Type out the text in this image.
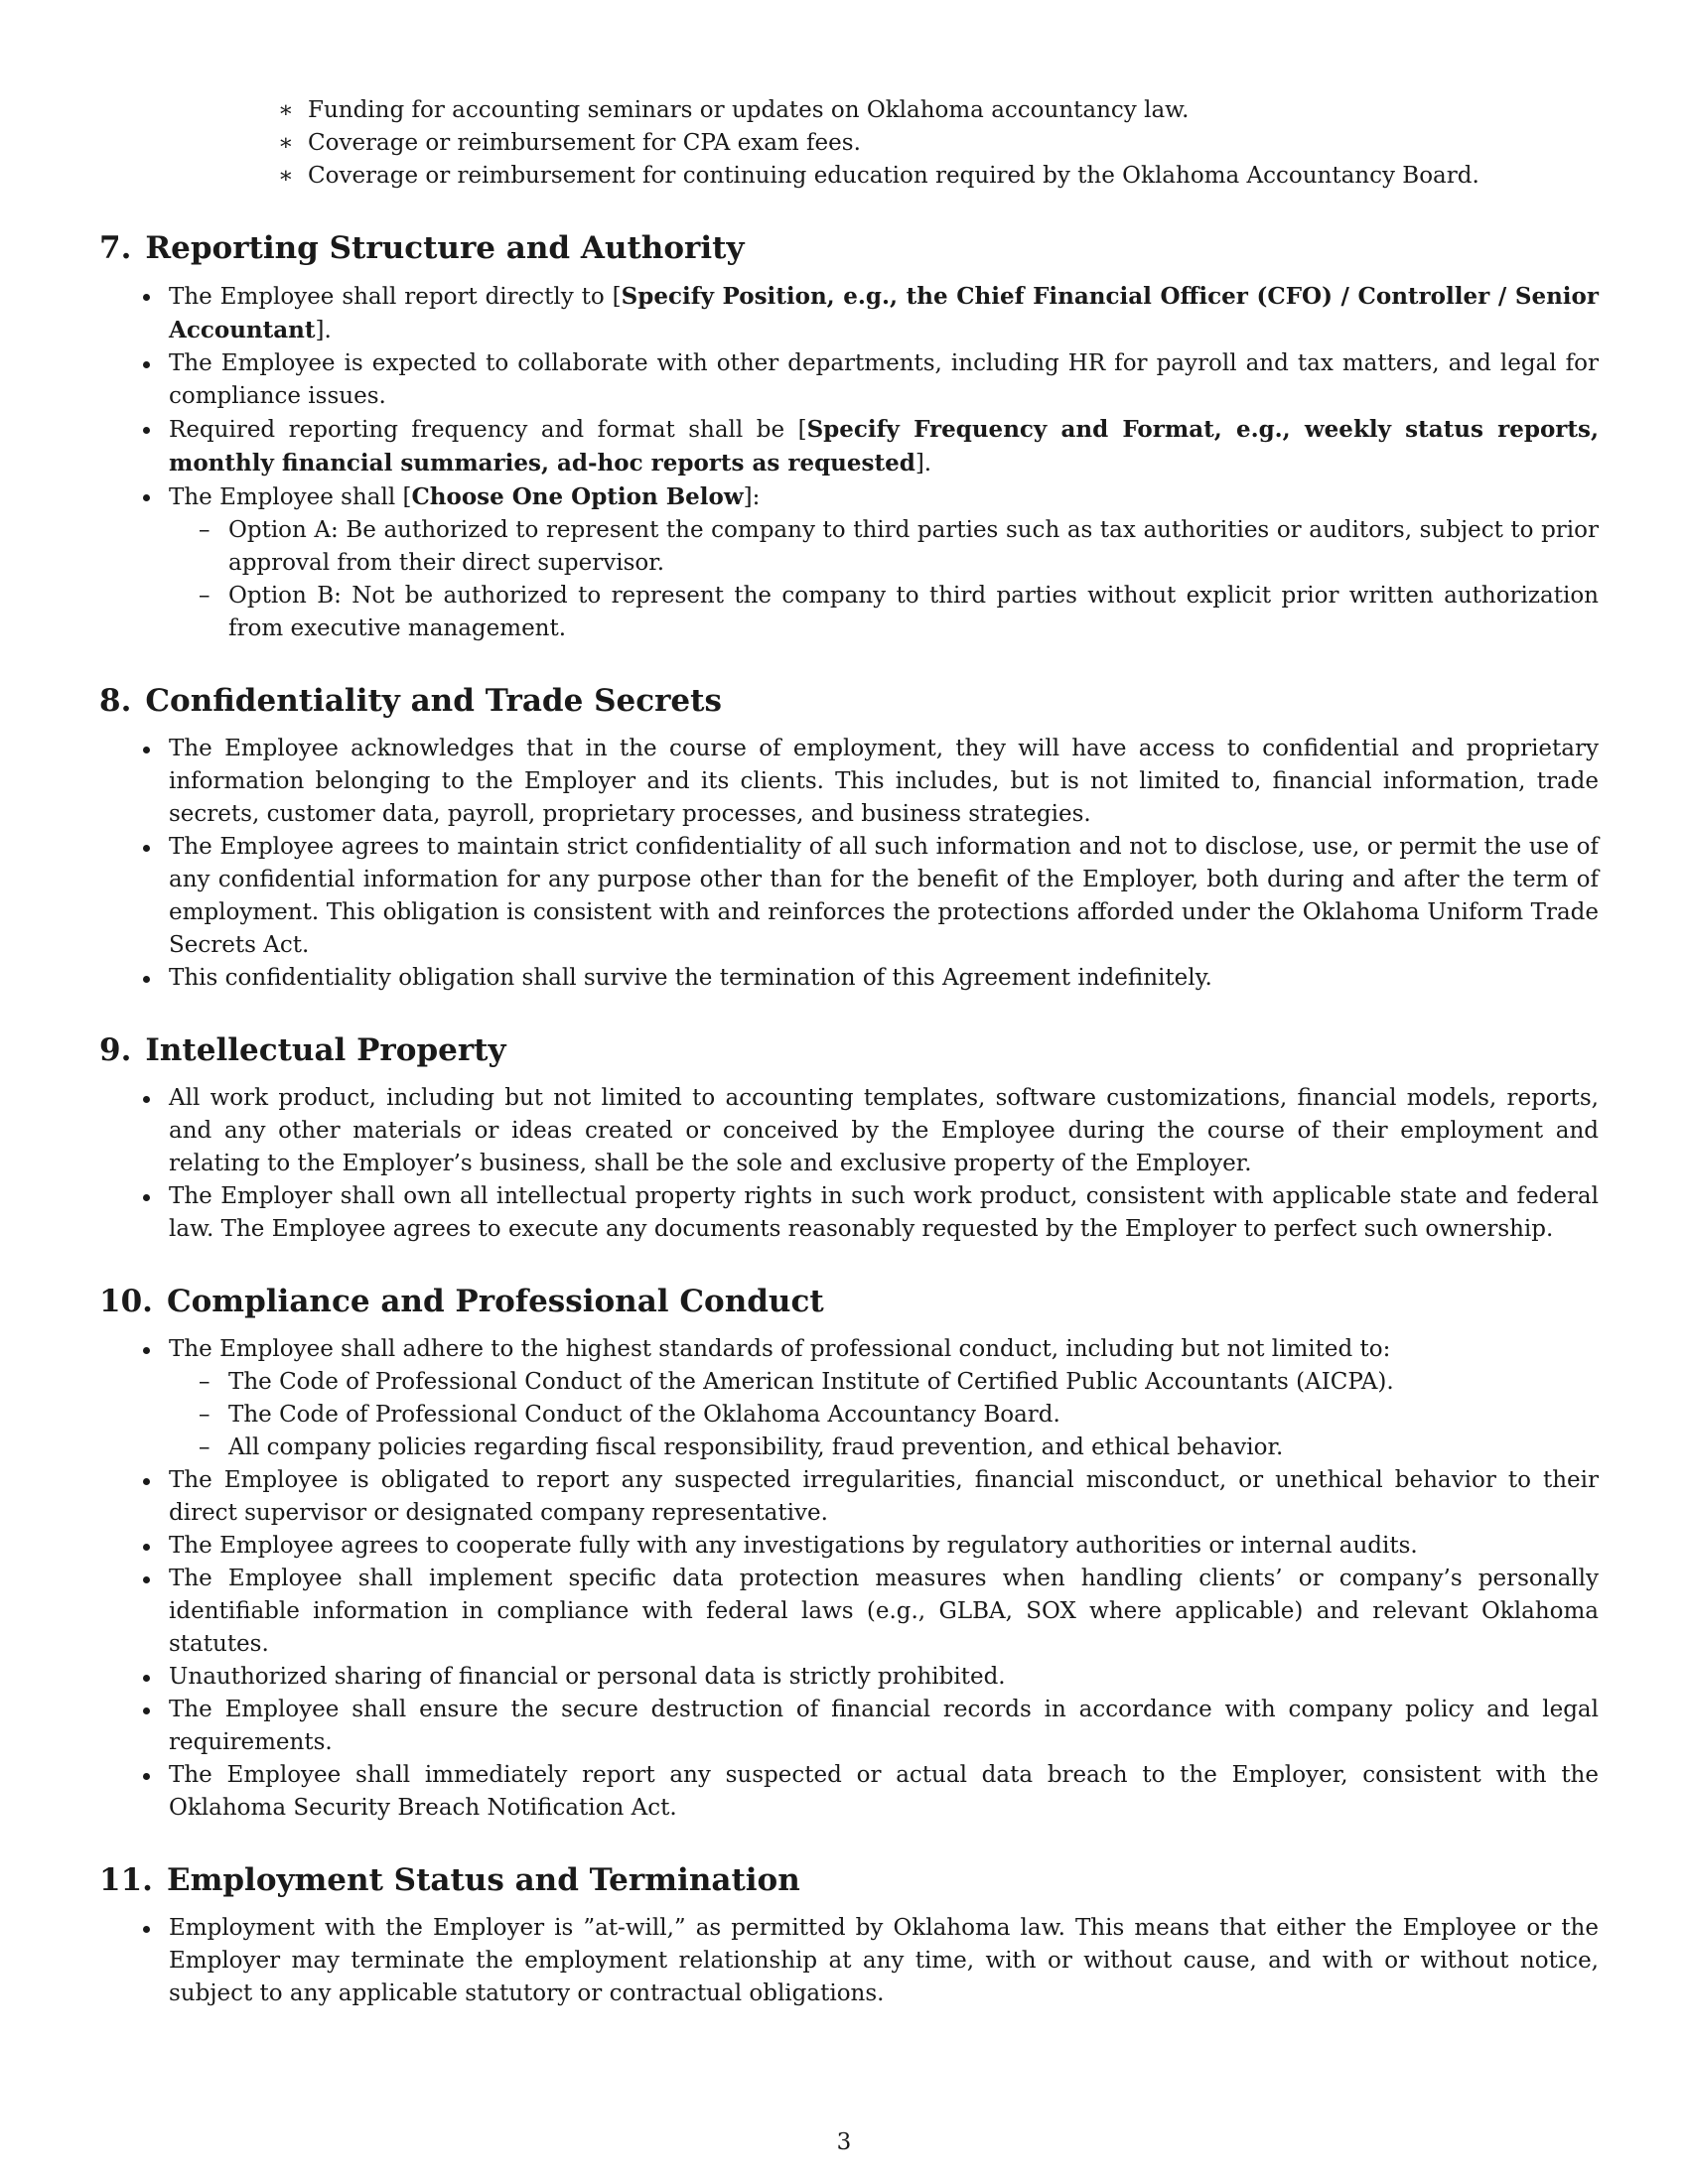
∗ Funding for accounting seminars or updates on Oklahoma accountancy law.
∗ Coverage or reimbursement for CPA exam fees.
∗ Coverage or reimbursement for continuing education required by the Oklahoma Accountancy Board.
7. Reporting Structure and Authority
The Employee shall report directly to [Specify Position, e.g., the Chief Financial Officer (CFO) / Controller / Senior Accountant].
The Employee is expected to collaborate with other departments, including HR for payroll and tax matters, and legal for compliance issues.
Required reporting frequency and format shall be [Specify Frequency and Format, e.g., weekly status reports, monthly financial summaries, ad-hoc reports as requested].
The Employee shall [Choose One Option Below]:
– Option A: Be authorized to represent the company to third parties such as tax authorities or auditors, subject to prior approval from their direct supervisor.
– Option B: Not be authorized to represent the company to third parties without explicit prior written authorization from executive management.
8. Confidentiality and Trade Secrets
The Employee acknowledges that in the course of employment, they will have access to confidential and proprietary information belonging to the Employer and its clients. This includes, but is not limited to, financial information, trade secrets, customer data, payroll, proprietary processes, and business strategies.
The Employee agrees to maintain strict confidentiality of all such information and not to disclose, use, or permit the use of any confidential information for any purpose other than for the benefit of the Employer, both during and after the term of employment. This obligation is consistent with and reinforces the protections afforded under the Oklahoma Uniform Trade Secrets Act.
This confidentiality obligation shall survive the termination of this Agreement indefinitely.
9. Intellectual Property
All work product, including but not limited to accounting templates, software customizations, financial models, reports, and any other materials or ideas created or conceived by the Employee during the course of their employment and relating to the Employer’s business, shall be the sole and exclusive property of the Employer.
The Employer shall own all intellectual property rights in such work product, consistent with applicable state and federal law. The Employee agrees to execute any documents reasonably requested by the Employer to perfect such ownership.
10. Compliance and Professional Conduct
The Employee shall adhere to the highest standards of professional conduct, including but not limited to:
– The Code of Professional Conduct of the American Institute of Certified Public Accountants (AICPA).
– The Code of Professional Conduct of the Oklahoma Accountancy Board.
– All company policies regarding fiscal responsibility, fraud prevention, and ethical behavior.
The Employee is obligated to report any suspected irregularities, financial misconduct, or unethical behavior to their direct supervisor or designated company representative.
The Employee agrees to cooperate fully with any investigations by regulatory authorities or internal audits.
The Employee shall implement specific data protection measures when handling clients’ or company’s personally identifiable information in compliance with federal laws (e.g., GLBA, SOX where applicable) and relevant Oklahoma statutes.
Unauthorized sharing of financial or personal data is strictly prohibited.
The Employee shall ensure the secure destruction of financial records in accordance with company policy and legal requirements.
The Employee shall immediately report any suspected or actual data breach to the Employer, consistent with the Oklahoma Security Breach Notification Act.
11. Employment Status and Termination
Employment with the Employer is ”at-will,” as permitted by Oklahoma law. This means that either the Employee or the Employer may terminate the employment relationship at any time, with or without cause, and with or without notice, subject to any applicable statutory or contractual obligations.
3
